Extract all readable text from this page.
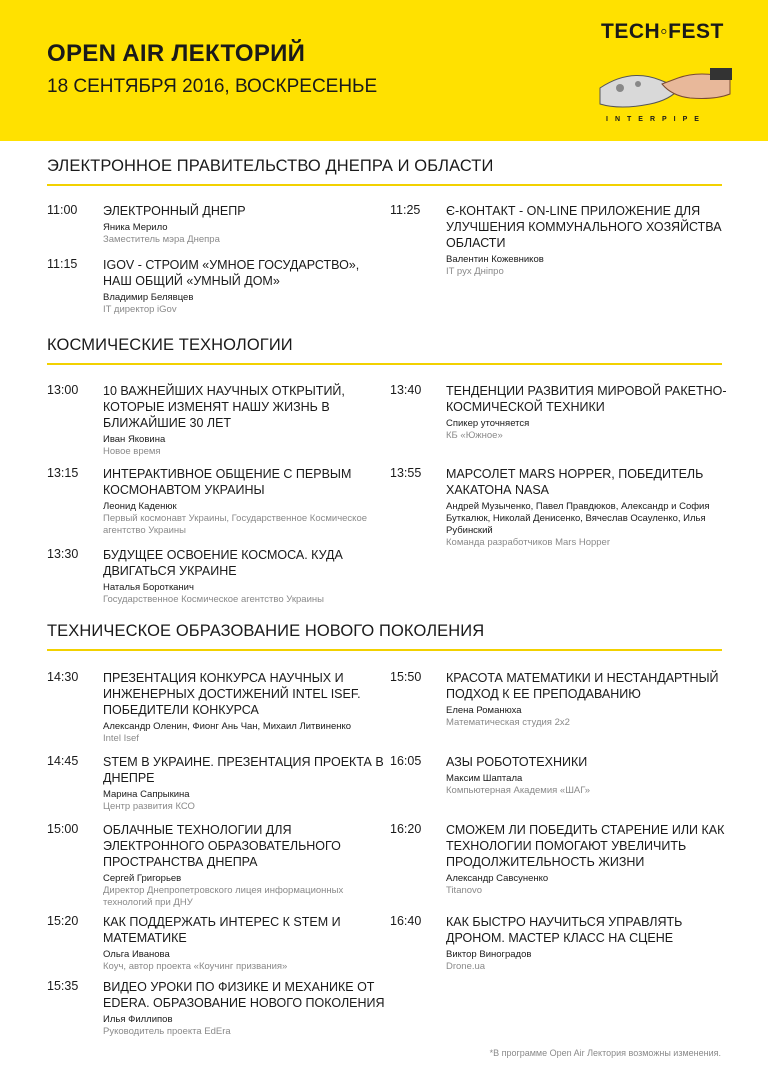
OPEN AIR ЛЕКТОРИЙ
18 СЕНТЯБРЯ 2016, ВОСКРЕСЕНЬЕ
TECH◦FEST
INTERPIPE
ЭЛЕКТРОННОЕ ПРАВИТЕЛЬСТВО ДНЕПРА И ОБЛАСТИ
11:00 ЭЛЕКТРОННЫЙ ДНЕПР
Яника Мерило
Заместитель мэра Днепра
11:15 IGOV - СТРОИМ «УМНОЕ ГОСУДАРСТВО», НАШ ОБЩИЙ «УМНЫЙ ДОМ»
Владимир Белявцев
IT директор iGov
11:25 Є-КОНТАКТ - ON-LINE ПРИЛОЖЕНИЕ ДЛЯ УЛУЧШЕНИЯ КОММУНАЛЬНОГО ХОЗЯЙСТВА ОБЛАСТИ
Валентин Кожевников
IT рух Дніпро
КОСМИЧЕСКИЕ ТЕХНОЛОГИИ
13:00 10 ВАЖНЕЙШИХ НАУЧНЫХ ОТКРЫТИЙ, КОТОРЫЕ ИЗМЕНЯТ НАШУ ЖИЗНЬ В БЛИЖАЙШИЕ 30 ЛЕТ
Иван Яковина
Новое время
13:15 ИНТЕРАКТИВНОЕ ОБЩЕНИЕ С ПЕРВЫМ КОСМОНАВТОМ УКРАИНЫ
Леонид Каденюк
Первый космонавт Украины, Государственное Космическое агентство Украины
13:30 БУДУЩЕЕ ОСВОЕНИЕ КОСМОСА. КУДА ДВИГАТЬСЯ УКРАИНЕ
Наталья Бороткaнич
Государственное Космическое агентство Украины
13:40 ТЕНДЕНЦИИ РАЗВИТИЯ МИРОВОЙ РАКЕТНО-КОСМИЧЕСКОЙ ТЕХНИКИ
Спикер уточняется
КБ «Южное»
13:55 МАРСОЛЕТ MARS HOPPER, ПОБЕДИТЕЛЬ ХАКАТОНА NASA
Андрей Музыченко, Павел Правдюков, Александр и София Буткалюк, Николай Денисенко, Вячеслав Осауленко, Илья Рубинский
Команда разработчиков Mars Hopper
ТЕХНИЧЕСКОЕ ОБРАЗОВАНИЕ НОВОГО ПОКОЛЕНИЯ
14:30 ПРЕЗЕНТАЦИЯ КОНКУРСА НАУЧНЫХ И ИНЖЕНЕРНЫХ ДОСТИЖЕНИЙ INTEL ISEF. ПОБЕДИТЕЛИ КОНКУРСА
Александр Оленин, Фионг Ань Чан, Михаил Литвиненко
Intel Isef
14:45 STEM В УКРАИНЕ. ПРЕЗЕНТАЦИЯ ПРОЕКТА В ДНЕПРЕ
Марина Сапрыкина
Центр развития КСО
15:00 ОБЛАЧНЫЕ ТЕХНОЛОГИИ ДЛЯ ЭЛЕКТРОННОГО ОБРАЗОВАТЕЛЬНОГО ПРОСТРАНСТВА ДНЕПРА
Сергей Григорьев
Директор Днепропетровского лицея информационных технологий при ДНУ
15:20 КАК ПОДДЕРЖАТЬ ИНТЕРЕС К STEM И МАТЕМАТИКЕ
Ольга Иванова
Коуч, автор проекта «Коучинг призвания»
15:35 ВИДЕО УРОКИ ПО ФИЗИКЕ И МЕХАНИКЕ ОТ EDERA. ОБРАЗОВАНИЕ НОВОГО ПОКОЛЕНИЯ
Илья Филлипов
Руководитель проекта EdEra
15:50 КРАСОТА МАТЕМАТИКИ И НЕСТАНДАРТНЫЙ ПОДХОД К ЕЕ ПРЕПОДАВАНИЮ
Елена Романюха
Математическая студия 2х2
16:05 АЗЫ РОБОТОТЕХНИКИ
Максим Шаптала
Компьютерная Академия «ШАГ»
16:20 СМОЖЕМ ЛИ ПОБЕДИТЬ СТАРЕНИЕ ИЛИ КАК ТЕХНОЛОГИИ ПОМОГАЮТ УВЕЛИЧИТЬ ПРОДОЛЖИТЕЛЬНОСТЬ ЖИЗНИ
Александр Савсуненко
Titanovo
16:40 КАК БЫСТРО НАУЧИТЬСЯ УПРАВЛЯТЬ ДРОНОМ. МАСТЕР КЛАСС НА СЦЕНЕ
Виктор Виноградов
Drone.ua
*В программе Open Air Лектория возможны изменения.
